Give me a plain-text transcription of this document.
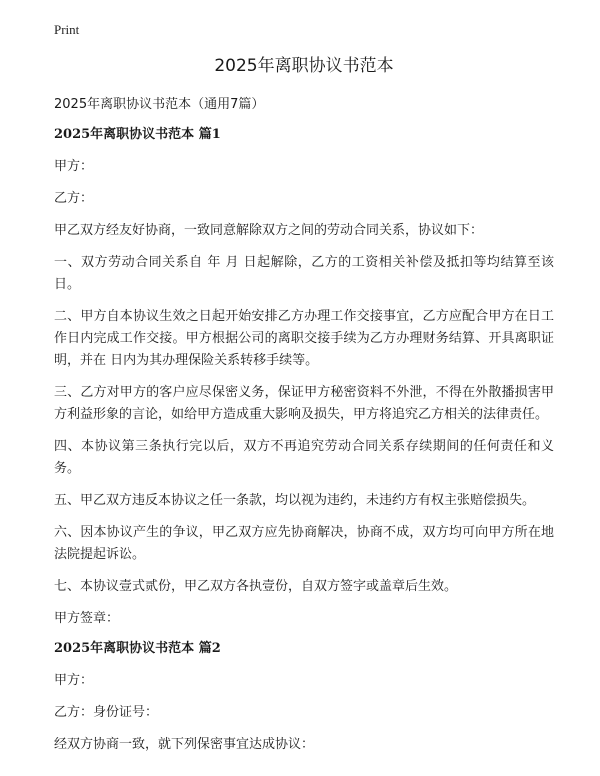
Print
2025年离职协议书范本
2025年离职协议书范本（通用7篇）
2025年离职协议书范本 篇1
甲方：
乙方：
甲乙双方经友好协商，一致同意解除双方之间的劳动合同关系，协议如下：
一、双方劳动合同关系自 年 月 日起解除，乙方的工资相关补偿及抵扣等均结算至该日。
二、甲方自本协议生效之日起开始安排乙方办理工作交接事宜，乙方应配合甲方在日工作日内完成工作交接。甲方根据公司的离职交接手续为乙方办理财务结算、开具离职证明，并在 日内为其办理保险关系转移手续等。
三、乙方对甲方的客户应尽保密义务，保证甲方秘密资料不外泄，不得在外散播损害甲方利益形象的言论，如给甲方造成重大影响及损失，甲方将追究乙方相关的法律责任。
四、本协议第三条执行完以后，双方不再追究劳动合同关系存续期间的任何责任和义务。
五、甲乙双方违反本协议之任一条款，均以视为违约，未违约方有权主张赔偿损失。
六、因本协议产生的争议，甲乙双方应先协商解决，协商不成，双方均可向甲方所在地法院提起诉讼。
七、本协议壹式贰份，甲乙双方各执壹份，自双方签字或盖章后生效。
甲方签章：
2025年离职协议书范本 篇2
甲方：
乙方：身份证号：
经双方协商一致，就下列保密事宜达成协议：
